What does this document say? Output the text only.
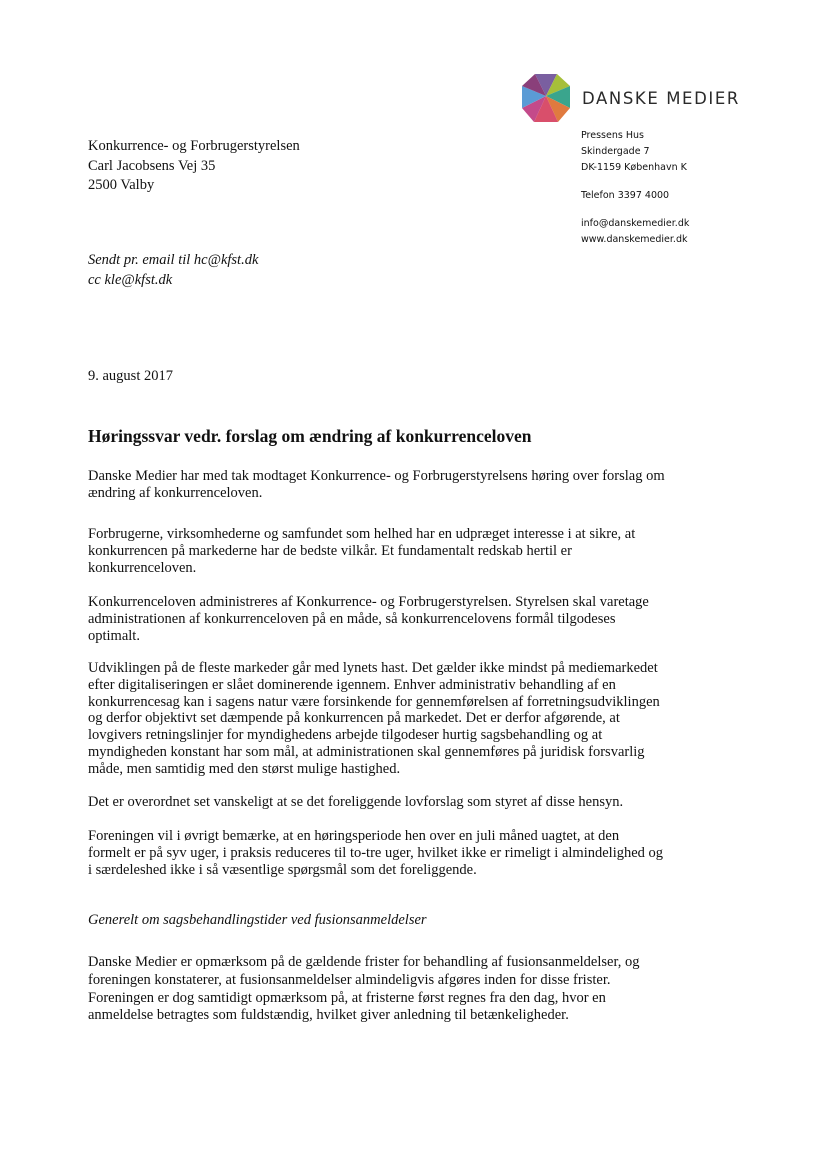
DANSKE MEDIER
Pressens Hus
Skindergade 7
DK-1159 København K
Telefon 3397 4000
info@danskemedier.dk
www.danskemedier.dk
Konkurrence- og Forbrugerstyrelsen
Carl Jacobsens Vej 35
2500 Valby
Sendt pr. email til hc@kfst.dk
cc kle@kfst.dk
9. august 2017
Høringssvar vedr. forslag om ændring af konkurrenceloven
Danske Medier har med tak modtaget Konkurrence- og Forbrugerstyrelsens høring over forslag om
ændring af konkurrenceloven.
Forbrugerne, virksomhederne og samfundet som helhed har en udpræget interesse i at sikre, at
konkurrencen på markederne har de bedste vilkår. Et fundamentalt redskab hertil er
konkurrenceloven.
Konkurrenceloven administreres af Konkurrence- og Forbrugerstyrelsen. Styrelsen skal varetage
administrationen af konkurrenceloven på en måde, så konkurrencelovens formål tilgodeses
optimalt.
Udviklingen på de fleste markeder går med lynets hast. Det gælder ikke mindst på mediemarkedet
efter digitaliseringen er slået dominerende igennem. Enhver administrativ behandling af en
konkurrencesag kan i sagens natur være forsinkende for gennemførelsen af forretningsudviklingen
og derfor objektivt set dæmpende på konkurrencen på markedet. Det er derfor afgørende, at
lovgivers retningslinjer for myndighedens arbejde tilgodeser hurtig sagsbehandling og at
myndigheden konstant har som mål, at administrationen skal gennemføres på juridisk forsvarlig
måde, men samtidig med den størst mulige hastighed.
Det er overordnet set vanskeligt at se det foreliggende lovforslag som styret af disse hensyn.
Foreningen vil i øvrigt bemærke, at en høringsperiode hen over en juli måned uagtet, at den
formelt er på syv uger, i praksis reduceres til to-tre uger, hvilket ikke er rimeligt i almindelighed og
i særdeleshed ikke i så væsentlige spørgsmål som det foreliggende.
Generelt om sagsbehandlingstider ved fusionsanmeldelser
Danske Medier er opmærksom på de gældende frister for behandling af fusionsanmeldelser, og
foreningen konstaterer, at fusionsanmeldelser almindeligvis afgøres inden for disse frister.
Foreningen er dog samtidigt opmærksom på, at fristerne først regnes fra den dag, hvor en
anmeldelse betragtes som fuldstændig, hvilket giver anledning til betænkeligheder.
